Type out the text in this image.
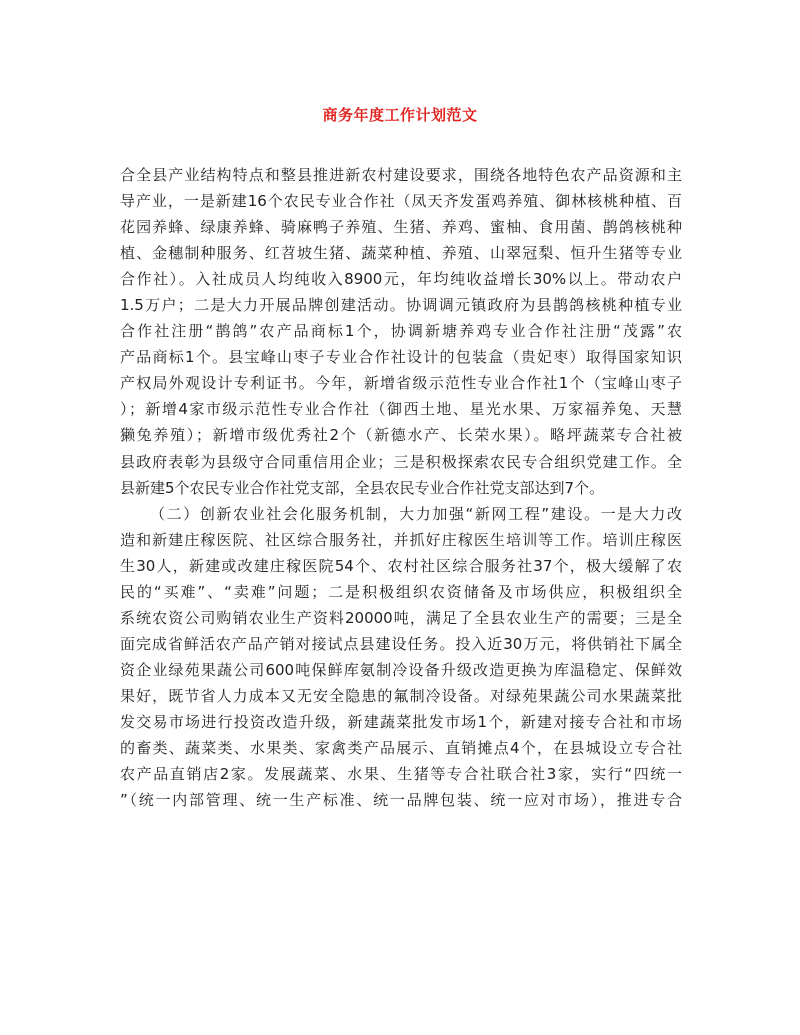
商务年度工作计划范文
合全县产业结构特点和整县推进新农村建设要求，围绕各地特色农产品资源和主
导产业，一是新建16个农民专业合作社（凤天齐发蛋鸡养殖、御林核桃种植、百
花园养蜂、绿康养蜂、骑麻鸭子养殖、生猪、养鸡、蜜柚、食用菌、鹊鸽核桃种
植、金穗制种服务、红苕坡生猪、蔬菜种植、养殖、山翠冠梨、恒升生猪等专业
合作社）。入社成员人均纯收入8900元，年均纯收益增长30%以上。带动农户
1.5万户；二是大力开展品牌创建活动。协调调元镇政府为县鹊鸽核桃种植专业
合作社注册“鹊鸽”农产品商标1个，协调新塘养鸡专业合作社注册“茂露”农
产品商标1个。县宝峰山枣子专业合作社设计的包装盒（贵妃枣）取得国家知识
产权局外观设计专利证书。今年，新增省级示范性专业合作社1个（宝峰山枣子
）；新增4家市级示范性专业合作社（御西土地、星光水果、万家福养兔、天慧
獭兔养殖）；新增市级优秀社2个（新德水产、长荣水果）。略坪蔬菜专合社被
县政府表彰为县级守合同重信用企业；三是积极探索农民专合组织党建工作。全
县新建5个农民专业合作社党支部，全县农民专业合作社党支部达到7个。
（二）创新农业社会化服务机制，大力加强“新网工程”建设。一是大力改
造和新建庄稼医院、社区综合服务社，并抓好庄稼医生培训等工作。培训庄稼医
生30人，新建或改建庄稼医院54个、农村社区综合服务社37个，极大缓解了农
民的“买难”、“卖难”问题；二是积极组织农资储备及市场供应，积极组织全
系统农资公司购销农业生产资料20000吨，满足了全县农业生产的需要；三是全
面完成省鲜活农产品产销对接试点县建设任务。投入近30万元，将供销社下属全
资企业绿苑果蔬公司600吨保鲜库氨制冷设备升级改造更换为库温稳定、保鲜效
果好，既节省人力成本又无安全隐患的氟制冷设备。对绿苑果蔬公司水果蔬菜批
发交易市场进行投资改造升级，新建蔬菜批发市场1个，新建对接专合社和市场
的畜类、蔬菜类、水果类、家禽类产品展示、直销摊点4个，在县城设立专合社
农产品直销店2家。发展蔬菜、水果、生猪等专合社联合社3家，实行“四统一
”（统一内部管理、统一生产标准、统一品牌包装、统一应对市场），推进专合
